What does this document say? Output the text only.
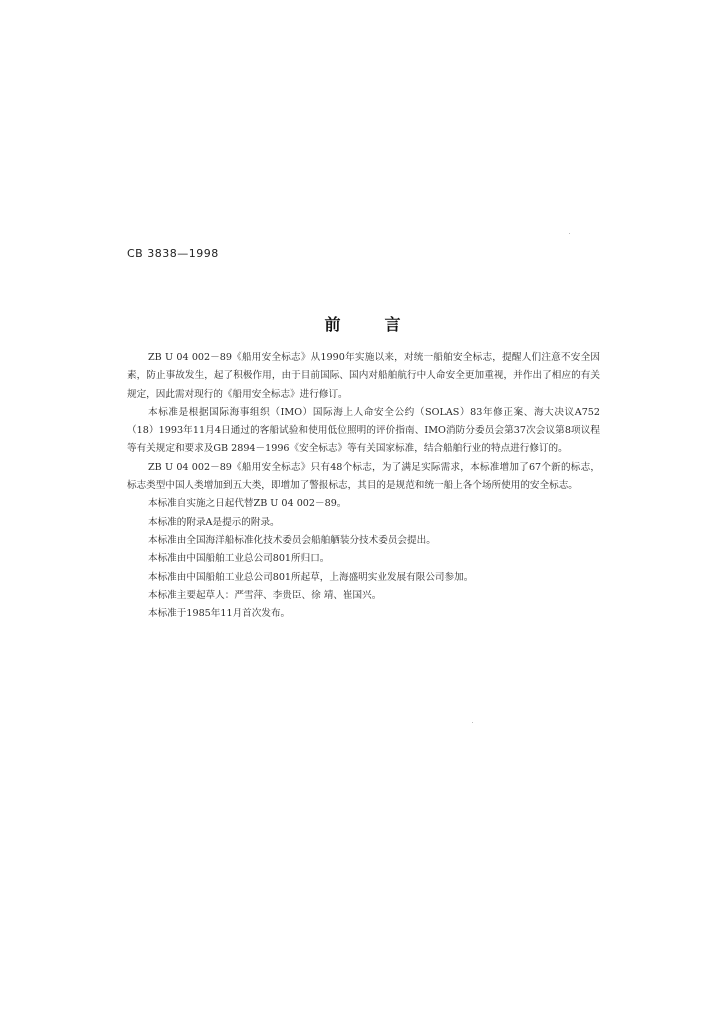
CB 3838—1998
前言

ZB U 04 002－89《船用安全标志》从1990年实施以来，对统一船舶安全标志，提醒人们注意不安全因素，防止事故发生，起了积极作用，由于目前国际、国内对船舶航行中人命安全更加重视，并作出了相应的有关规定，因此需对现行的《船用安全标志》进行修订。

本标准是根据国际海事组织（IMO）国际海上人命安全公约（SOLAS）83年修正案、海大决议A752（18）1993年11月4日通过的客船试验和使用低位照明的评价指南、IMO消防分委员会第37次会议第8项议程等有关规定和要求及GB 2894－1996《安全标志》等有关国家标准，结合船舶行业的特点进行修订的。

ZB U 04 002－89《船用安全标志》只有48个标志，为了满足实际需求，本标准增加了67个新的标志，标志类型中国人类增加到五大类，即增加了警报标志，其目的是规范和统一船上各个场所使用的安全标志。

本标准自实施之日起代替ZB U 04 002－89。

本标准的附录A是提示的附录。

本标准由全国海洋船标准化技术委员会船舶舾装分技术委员会提出。

本标准由中国船舶工业总公司801所归口。

本标准由中国船舶工业总公司801所起草，上海盛明实业发展有限公司参加。

本标准主要起草人：严雪萍、李贵臣、徐 靖、崔国兴。

本标准于1985年11月首次发布。
